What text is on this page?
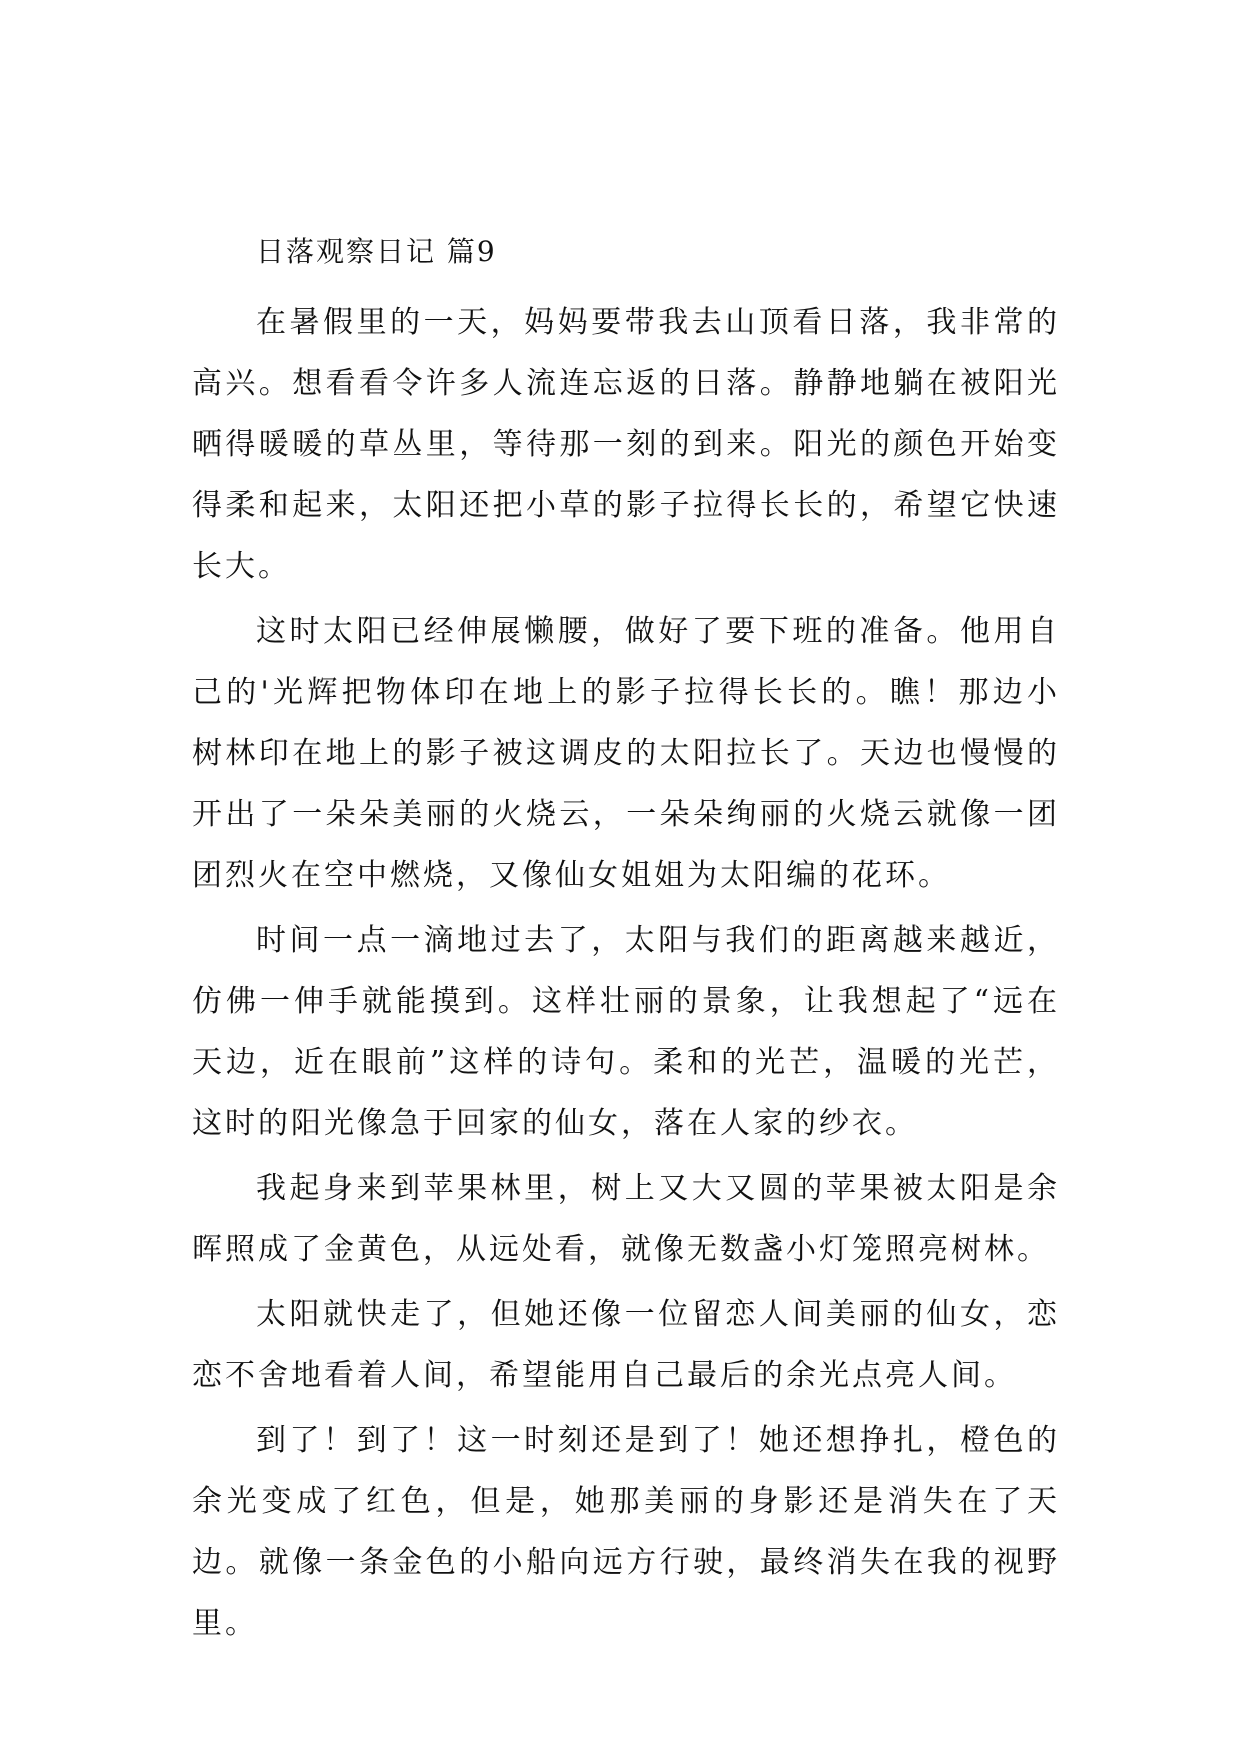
日落观察日记 篇9

在暑假里的一天，妈妈要带我去山顶看日落，我非常的高兴。想看看令许多人流连忘返的日落。静静地躺在被阳光晒得暖暖的草丛里，等待那一刻的到来。阳光的颜色开始变得柔和起来，太阳还把小草的影子拉得长长的，希望它快速长大。

这时太阳已经伸展懒腰，做好了要下班的准备。他用自己的'光辉把物体印在地上的影子拉得长长的。瞧！那边小树林印在地上的影子被这调皮的太阳拉长了。天边也慢慢的开出了一朵朵美丽的火烧云，一朵朵绚丽的火烧云就像一团团烈火在空中燃烧，又像仙女姐姐为太阳编的花环。

时间一点一滴地过去了，太阳与我们的距离越来越近，仿佛一伸手就能摸到。这样壮丽的景象，让我想起了“远在天边，近在眼前”这样的诗句。柔和的光芒，温暖的光芒，这时的阳光像急于回家的仙女，落在人家的纱衣。

我起身来到苹果林里，树上又大又圆的苹果被太阳是余晖照成了金黄色，从远处看，就像无数盏小灯笼照亮树林。

太阳就快走了，但她还像一位留恋人间美丽的仙女，恋恋不舍地看着人间，希望能用自己最后的余光点亮人间。

到了！到了！这一时刻还是到了！她还想挣扎，橙色的余光变成了红色，但是，她那美丽的身影还是消失在了天边。就像一条金色的小船向远方行驶，最终消失在我的视野里。
